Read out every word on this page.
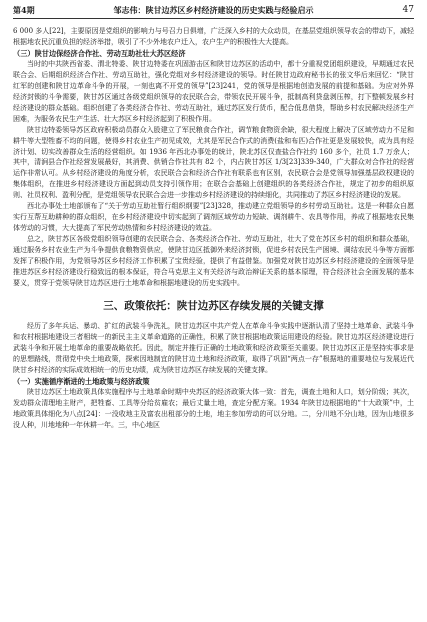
第4期	邹志伟：陕甘边苏区乡村经济建设的历史实践与经验启示	47

6 000 多人[22]，主要原因是党组织的影响力与号召力日俱增，广泛深入乡村的大众动员，在基层党组织领导农会的带动下，减轻根据地农民沉重负担的经济举措，吸引了不少外地农户迁入，农户生产的积极性大大提高。

（三）陕甘边保经济合作社、劳动互助社壮大苏区经济

当时的中共陕西省委、渭北特委、陕甘边特委在巩固游击区和陕甘边苏区的活动中，都十分重视党团组织建设，早期通过农民联合会、后期组织经济合作社、劳动互助社，强化党组对乡村经济建设的领导。时任陕甘边政府秘书长的张文华后来回忆：“陕甘红军的创建和陕甘边革命斗争的开展，一刻也离不开党的领导”[23]241，党的领导是根据地创造发展的前提和基础。为应对外界经济封锁的斗争需要，陕甘苏区通过各级党组织领导的农民联合会，带领农民开展斗争，抵制高利贷盘剥压榨，打下整顿发展乡村经济建设的群众基础。组织创建了各类经济合作社、劳动互助社，通过苏区发行货币，配合低息借贷，帮助乡村农民解决经济生产困难，为服务农民生产生活、壮大苏区乡村经济起到了积极作用。

陕甘边特委领导苏区政府积极动员群众入股建立了军民粮食合作社，调节粮食物资余缺，很大程度上解决了区域劳动力不足和耕牛等大型牲畜不均的问题，使得乡村农业生产初见成效，尤其是军民合作式的消费(盐和布匹)合作社更是发展较快，成为具有经济计划、切实改善群众生活的经营组织。如 1936 年西北办事处的统计，陕北苏区仅查盐合作社约 160 多个，社员 1.7 万余人；其中，清涧县合作社经营发展最好，其消费、供销合作社共有 82 个，内占陕甘苏区 1/3[23]339-340，广大群众对合作社的经营运作非常认可。从乡村经济建设的角度分析，农民联合会和经济合作社有联系也有区别，农民联合会是党领导加强基层政权建设的集体组织，在推进乡村经济建设方面起到动员支持引领作用；在联合会基础上创建组织的各类经济合作社，规定了初步的组织原则、社员权利、盈利分配，是党组领导农民联合会进一步推动乡村经济建设的持续细化，共同推动了苏区乡村经济建设的发展。

西北办事处土地部颁布了“关于劳动互助社暂行组织纲要”[23]328，推动建立党组领导的乡村劳动互助社。这是一种群众自愿实行互帮互助耕种的群众组织，在乡村经济建设中切实起到了调剂区域劳动力短缺、调剂耕牛、农具等作用，养成了根据地农民集体劳动的习惯，大大提高了军民劳动热情和乡村经济建设的效益。

总之，陕甘苏区各级党组织领导创建的农民联合会、各类经济合作社、劳动互助社，壮大了党在苏区乡村的组织和群众基础，通过服务乡村农业生产为斗争提供食粮物资供应，使陕甘边区抵御外来经济封锁，促进乡村农民生产困境、调结农民斗争等方面都发挥了积极作用，为党领导苏区乡村经济工作积累了宝贵经验，提供了有益借鉴。加强党对陕甘边苏区乡村经济建设的全面领导是推进苏区乡村经济建设行稳致远的根本保证，符合马克思主义有关经济与政治辩证关系的基本原理，符合经济社会全面发展的基本要义，贯穿于党领导陕甘边苏区进行土地革命和根据地建设的历史实践中。

三、政策依托：陕甘边苏区存续发展的关键支撑

经历了多年兵运、暴动、扩红的武装斗争洗礼，陕甘边苏区中共产党人在革命斗争实践中逐渐认清了坚持土地革命、武装斗争和农村根据地建设三者相统一的新民主主义革命道路的正确性，积累了陕甘根据地政策运用建设的经验。陕甘边苏区经济建设进行武装斗争和开展土地革命的重要战略依托。因此，制定并推行正确的土地政策和经济政策至关重要。陕甘边苏区正是坚持实事求是的思想路线，贯彻党中央土地政策，探索因地制宜的陕甘边土地和经济政策，取得了巩固“两点一存”根据地的重要地位与发展近代陕甘乡村经济的实际成效相统一的历史功绩，成为陕甘边苏区存续发展的关键支撑。

（一）实施循序渐进的土地政策与经济政策

陕甘边苏区土地政策具体实施程序与土地革命时期中央苏区的经济政策大体一致：首先，调查土地和人口，划分阶级；其次，发动群众清理地主财产，把牲畜、工具等分给贫雇农；最后丈量土地，查定分配方案。1934 年陕甘边根据地的“十大政策”中，土地政策具体细化为八点[24]：一没收地主及富农出租部分的土地，地主参加劳动的可以分地。二，分川地不分山地，因为山地很多没人种，川地地种一年休耕一年。三，中心地区
